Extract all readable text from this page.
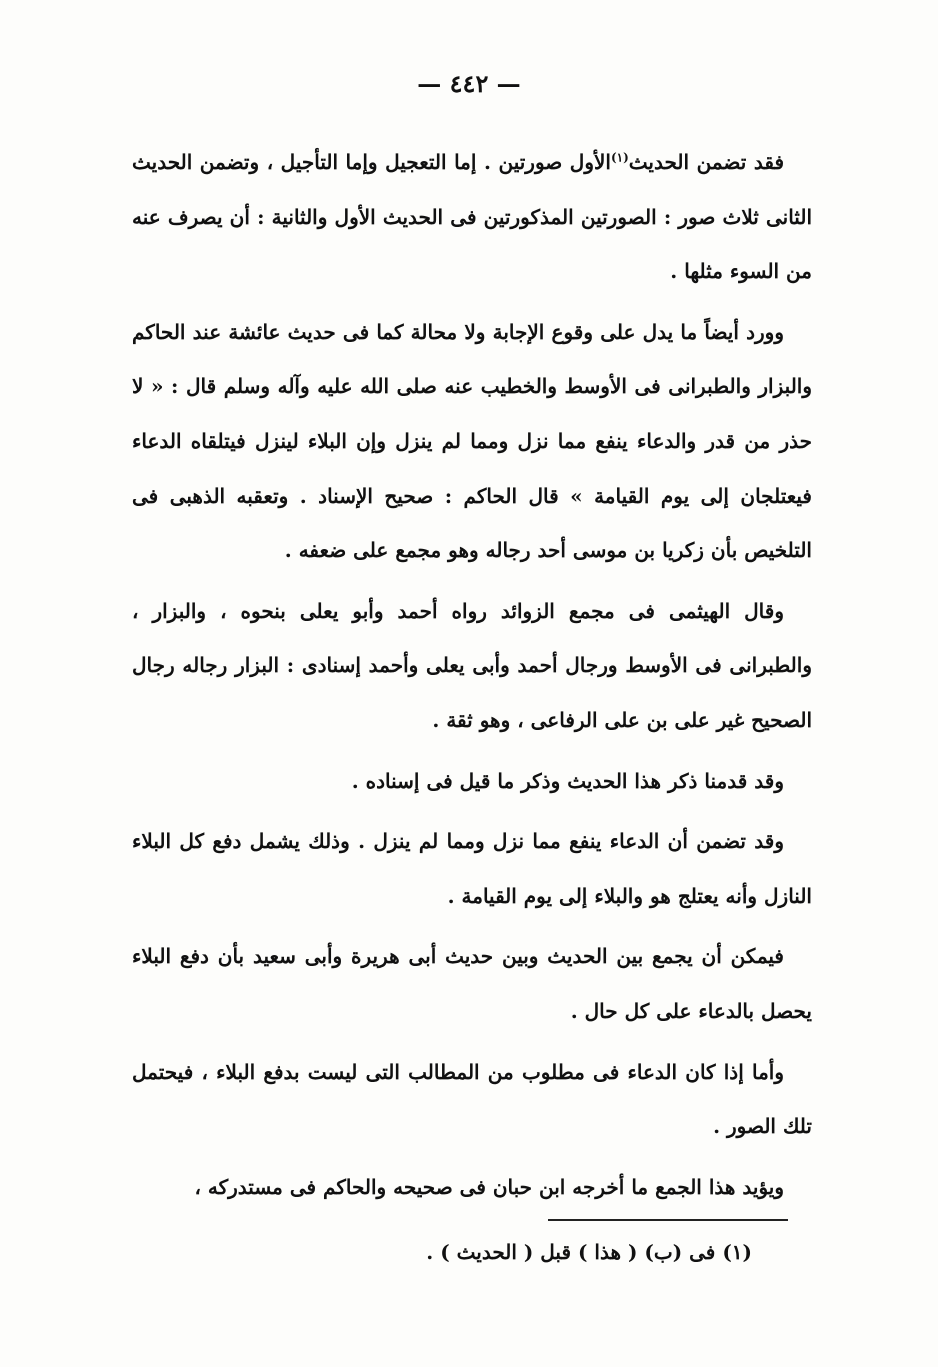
— ٤٤٢ —

فقد تضمن الحديث$^{(١)}$الأول صورتين . إما التعجيل وإما التأجيل ، وتضمن الحديث الثانى ثلاث صور : الصورتين المذكورتين فى الحديث الأول والثانية : أن يصرف عنه من السوء مثلها .

وورد أيضاً ما يدل على وقوع الإجابة ولا محالة كما فى حديث عائشة عند الحاكم والبزار والطبرانى فى الأوسط والخطيب عنه صلى الله عليه وآله وسلم قال : « لا حذر من قدر والدعاء ينفع مما نزل ومما لم ينزل وإن البلاء لينزل فيتلقاه الدعاء فيعتلجان إلى يوم القيامة » قال الحاكم : صحيح الإسناد . وتعقبه الذهبى فى التلخيص بأن زكريا بن موسى أحد رجاله وهو مجمع على ضعفه .

وقال الهيثمى فى مجمع الزوائد رواه أحمد وأبو يعلى بنحوه ، والبزار ، والطبرانى فى الأوسط ورجال أحمد وأبى يعلى وأحمد إسنادى : البزار رجاله رجال الصحيح غير على بن على الرفاعى ، وهو ثقة .

وقد قدمنا ذكر هذا الحديث وذكر ما قيل فى إسناده .

وقد تضمن أن الدعاء ينفع مما نزل ومما لم ينزل . وذلك يشمل دفع كل البلاء النازل وأنه يعتلج هو والبلاء إلى يوم القيامة .

فيمكن أن يجمع بين الحديث وبين حديث أبى هريرة وأبى سعيد بأن دفع البلاء يحصل بالدعاء على كل حال .

وأما إذا كان الدعاء فى مطلوب من المطالب التى ليست بدفع البلاء ، فيحتمل تلك الصور .

ويؤيد هذا الجمع ما أخرجه ابن حبان فى صحيحه والحاكم فى مستدركه ،

(١) فى (ب) ( هذا ) قبل ( الحديث ) .
